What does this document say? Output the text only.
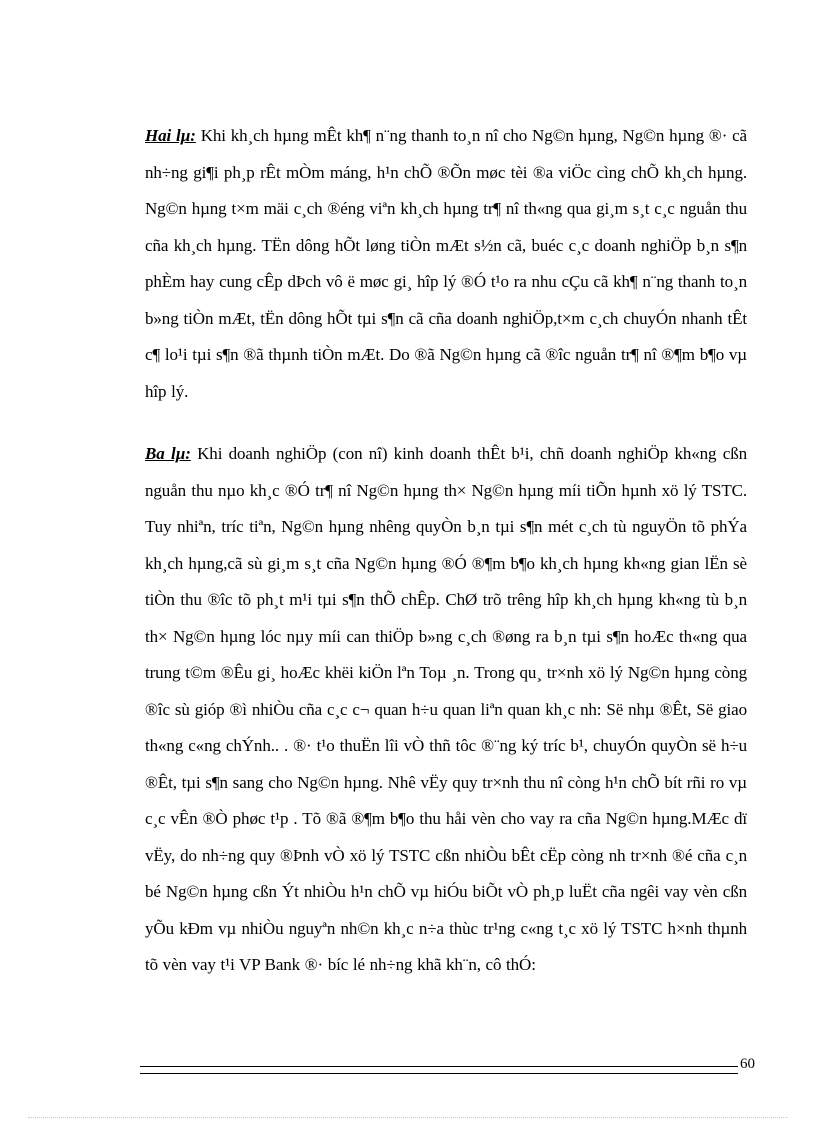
Hai lµ: Khi kh¸ch hµng mÊt kh¶ n¨ng thanh to¸n nî cho Ng©n hµng, Ng©n hµng ®· cã nh÷ng gi¶i ph¸p rÊt mÒm máng, h¹n chÕ ®Õn møc tèi ®a viÖc cìng chÕ kh¸ch hµng. Ng©n hµng t×m mäi c¸ch ®éng viªn kh¸ch hµng tr¶ nî th«ng qua gi¸m s¸t c¸c nguån thu cña kh¸ch hµng. TËn dông hÕt løng tiÒn mÆt s½n cã, buéc c¸c doanh nghiÖp b¸n s¶n phÈm hay cung cÊp dÞch vô ë møc gi¸ hîp lý ®Ó t¹o ra nhu cÇu cã kh¶ n¨ng thanh to¸n b»ng tiÒn mÆt, tËn dông hÕt tµi s¶n cã cña doanh nghiÖp,t×m c¸ch chuyÓn nhanh tÊt c¶ lo¹i tµi s¶n ®ã thµnh tiÒn mÆt. Do ®ã Ng©n hµng cã ®îc nguån tr¶ nî ®¶m b¶o vµ hîp lý.

Ba lµ: Khi doanh nghiÖp (con nî) kinh doanh thÊt b¹i, chñ doanh nghiÖp kh«ng cßn nguån thu nµo kh¸c ®Ó tr¶ nî Ng©n hµng th× Ng©n hµng míi tiÕn hµnh xö lý TSTC. Tuy nhiªn, tríc tiªn, Ng©n hµng nhêng quyÒn b¸n tµi s¶n mét c¸ch tù nguyÖn tõ phÝa kh¸ch hµng,cã sù gi¸m s¸t cña Ng©n hµng ®Ó ®¶m b¶o kh¸ch hµng kh«ng gian lËn sè tiÒn thu ®îc tõ ph¸t m¹i tµi s¶n thÕ chÊp. ChØ trõ trêng hîp kh¸ch hµng kh«ng tù b¸n th× Ng©n hµng lóc nµy míi can thiÖp b»ng c¸ch ®øng ra b¸n tµi s¶n hoÆc th«ng qua trung t©m ®Êu gi¸ hoÆc khëi kiÖn lªn Toµ ¸n. Trong qu¸ tr×nh xö lý Ng©n hµng còng ®îc sù gióp ®ì nhiÒu cña c¸c c¬ quan h÷u quan liªn quan kh¸c nh: Së nhµ ®Êt, Së giao th«ng c«ng chÝnh.. . ®· t¹o thuËn lîi vÒ thñ tôc ®¨ng ký tríc b¹, chuyÓn quyÒn së h÷u ®Êt, tµi s¶n sang cho Ng©n hµng. Nhê vËy quy tr×nh thu nî còng h¹n chÕ bít rñi ro vµ c¸c vÊn ®Ò phøc t¹p . Tõ ®ã ®¶m b¶o thu håi vèn cho vay ra cña Ng©n hµng.MÆc dï vËy, do nh÷ng quy ®Þnh vÒ xö lý TSTC cßn nhiÒu bÊt cËp còng nh tr×nh ®é cña c¸n bé Ng©n hµng cßn Ýt nhiÒu h¹n chÕ vµ hiÓu biÕt vÒ ph¸p luËt cña ngêi vay vèn cßn yÕu kÐm vµ nhiÒu nguyªn nh©n kh¸c n÷a thùc tr¹ng c«ng t¸c xö lý TSTC h×nh thµnh tõ vèn vay t¹i VP Bank ®· bíc lé nh÷ng khã kh¨n, cô thÓ:

60
